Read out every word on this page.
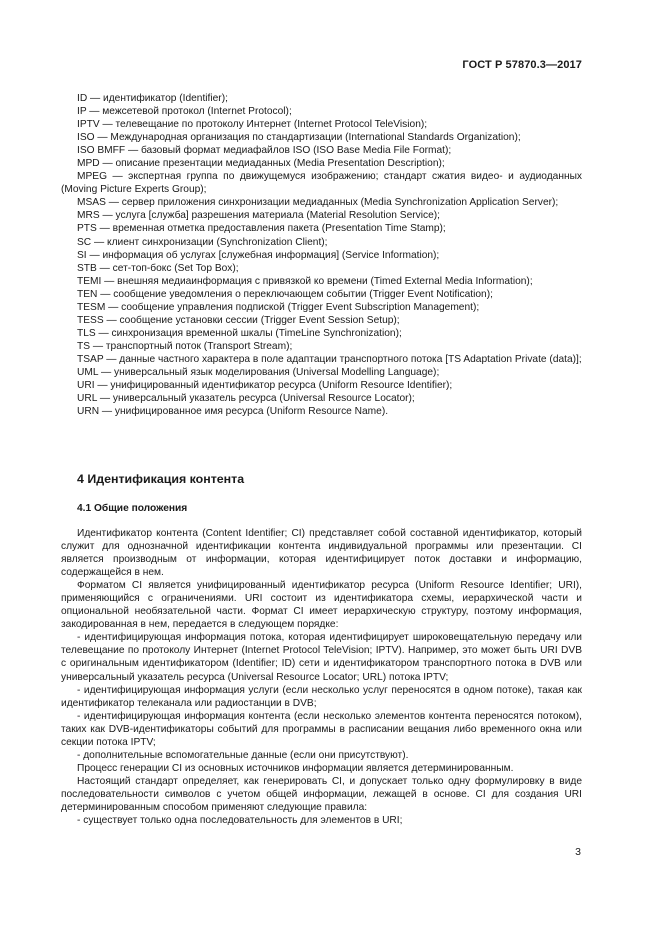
ГОСТ Р 57870.3—2017

ID — идентификатор (Identifier);

IP — межсетевой протокол (Internet Protocol);

IPTV — телевещание по протоколу Интернет (Internet Protocol TeleVision);

ISO — Международная организация по стандартизации (International Standards Organization);

ISO BMFF — базовый формат медиафайлов ISO (ISO Base Media File Format);

MPD — описание презентации медиаданных (Media Presentation Description);

MPEG — экспертная группа по движущемуся изображению; стандарт сжатия видео- и аудиоданных (Moving Picture Experts Group);

MSAS — сервер приложения синхронизации медиаданных (Media Synchronization Application Server);

MRS — услуга [служба] разрешения материала (Material Resolution Service);

PTS — временная отметка предоставления пакета (Presentation Time Stamp);

SC — клиент синхронизации (Synchronization Client);

SI — информация об услугах [служебная информация] (Service Information);

STB — сет-топ-бокс (Set Top Box);

TEMI — внешняя медиаинформация с привязкой ко времени (Timed External Media Information);

TEN — сообщение уведомления о переключающем событии (Trigger Event Notification);

TESM — сообщение управления подпиской (Trigger Event Subscription Management);

TESS — сообщение установки сессии (Trigger Event Session Setup);

TLS — синхронизация временной шкалы (TimeLine Synchronization);

TS — транспортный поток (Transport Stream);

TSAP — данные частного характера в поле адаптации транспортного потока [TS Adaptation Private (data)];

UML — универсальный язык моделирования (Universal Modelling Language);

URI — унифицированный идентификатор ресурса (Uniform Resource Identifier);

URL — универсальный указатель ресурса (Universal Resource Locator);

URN — унифицированное имя ресурса (Uniform Resource Name).

4 Идентификация контента
4.1 Общие положения

Идентификатор контента (Content Identifier; CI) представляет собой составной идентификатор, который служит для однозначной идентификации контента индивидуальной программы или презентации. CI является производным от информации, которая идентифицирует поток доставки и информацию, содержащейся в нем.

Форматом CI является унифицированный идентификатор ресурса (Uniform Resource Identifier; URI), применяющийся с ограничениями. URI состоит из идентификатора схемы, иерархической части и опциональной необязательной части. Формат CI имеет иерархическую структуру, поэтому информация, закодированная в нем, передается в следующем порядке:

- идентифицирующая информация потока, которая идентифицирует широковещательную передачу или телевещание по протоколу Интернет (Internet Protocol TeleVision; IPTV). Например, это может быть URI DVB с оригинальным идентификатором (Identifier; ID) сети и идентификатором транспортного потока в DVB или универсальный указатель ресурса (Universal Resource Locator; URL) потока IPTV;

- идентифицирующая информация услуги (если несколько услуг переносятся в одном потоке), такая как идентификатор телеканала или радиостанции в DVB;

- идентифицирующая информация контента (если несколько элементов контента переносятся потоком), таких как DVB-идентификаторы событий для программы в расписании вещания либо временного окна или секции потока IPTV;

- дополнительные вспомогательные данные (если они присутствуют).

Процесс генерации CI из основных источников информации является детерминированным.

Настоящий стандарт определяет, как генерировать CI, и допускает только одну формулировку в виде последовательности символов с учетом общей информации, лежащей в основе. CI для создания URI детерминированным способом применяют следующие правила:

- существует только одна последовательность для элементов в URI;

3
